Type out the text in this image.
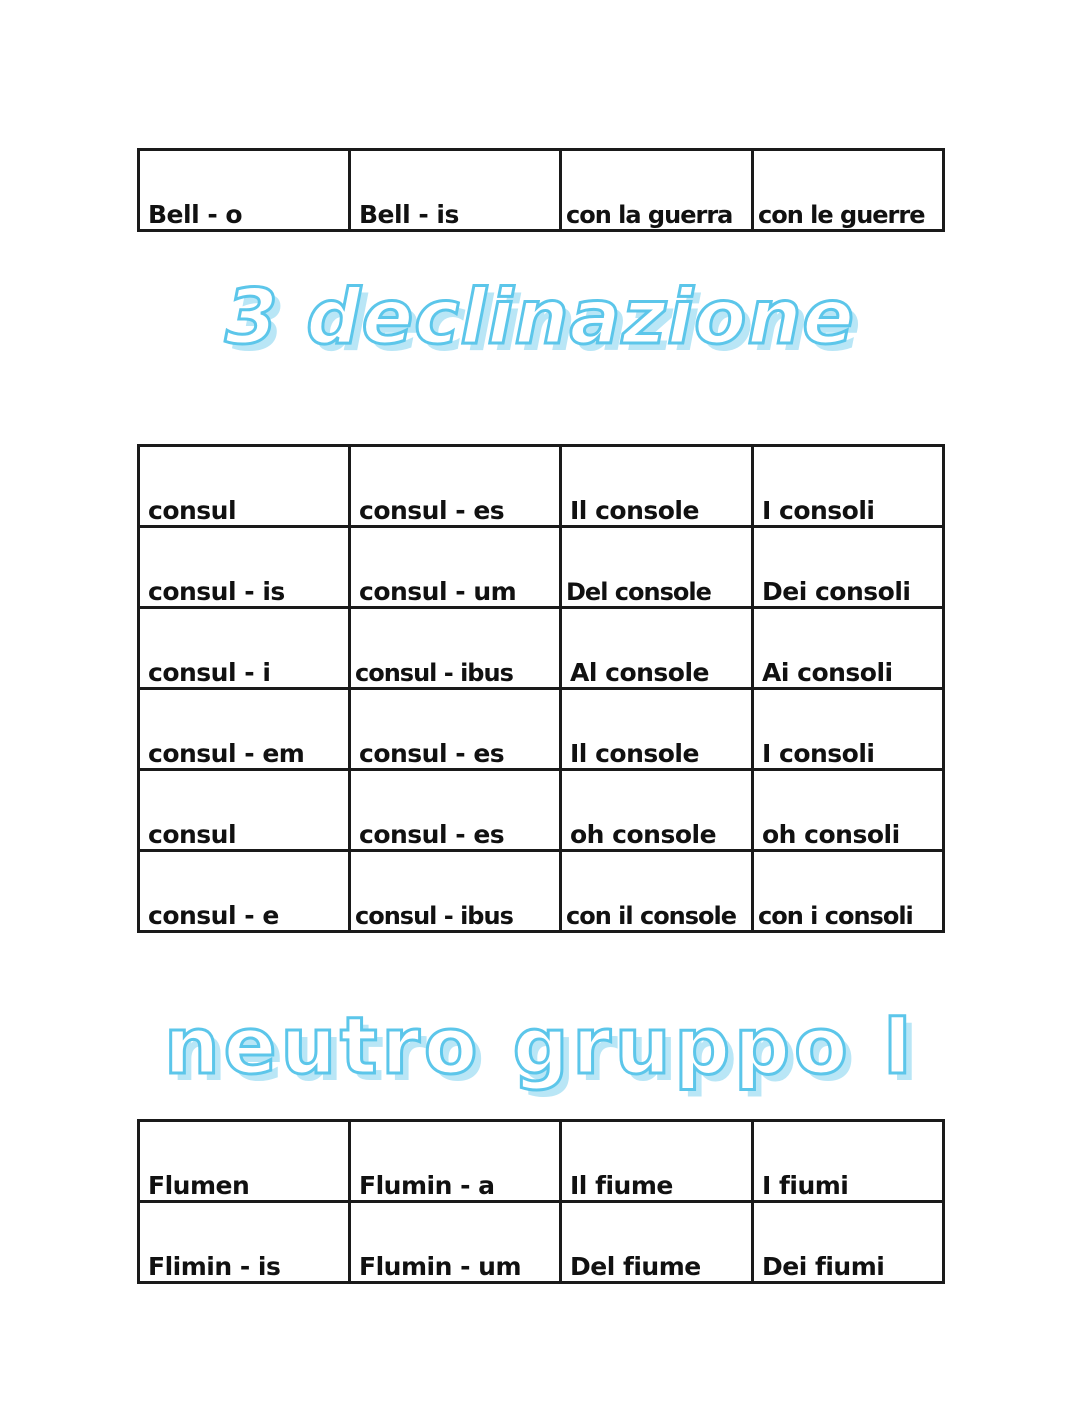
Bell - o	Bell - is	con la guerra	con le guerre
3 declinazione
consul	consul - es	Il console	I consoli
consul - is	consul - um	Del console	Dei consoli
consul - i	consul - ibus	Al console	Ai consoli
consul - em	consul - es	Il console	I consoli
consul	consul - es	oh console	oh consoli
consul - e	consul - ibus	con il console	con i consoli
neutro gruppo I
Flumen	Flumin - a	Il fiume	I fiumi
Flimin - is	Flumin - um	Del fiume	Dei fiumi
